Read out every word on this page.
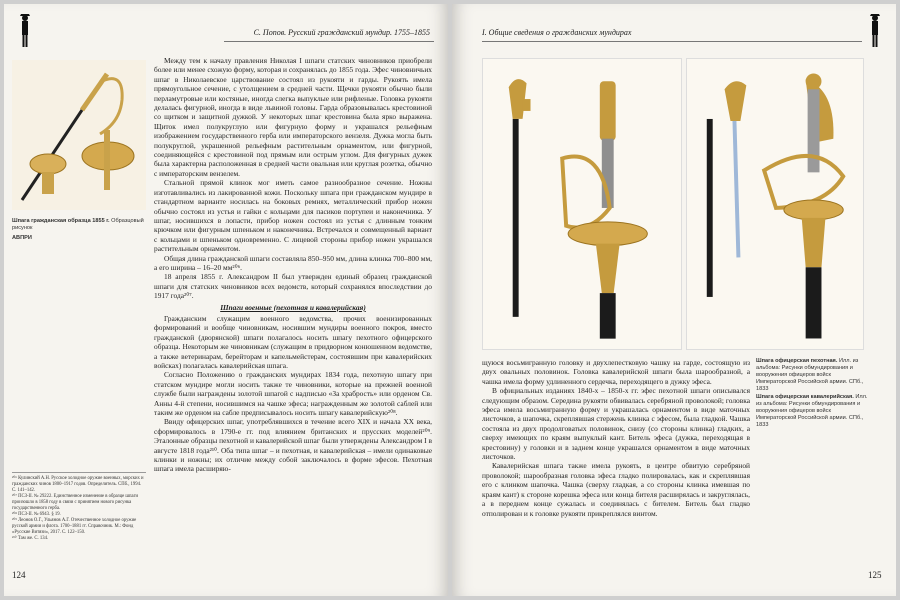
С. Попов. Русский гражданский мундир. 1755–1855
Шпага гражданская образца 1855 г. Образцовый рисунок
АВПРИ

Между тем к началу правления Николая I шпаги статских чиновников приобрели более или менее схожую форму, которая и сохранялась до 1855 года. Эфес чиновничьих шпаг в Николаевское царствование состоял из рукояти и гарды. Рукоять имела прямоугольное сечение, с утолщением в средней части. Щечки рукояти обычно были перламутровые или костяные, иногда слегка выпуклые или рифленые. Головка рукояти делалась фигурной, иногда в виде львиной головы. Гарда образовывалась крестовиной со щитком и защитной дужкой. У некоторых шпаг крестовина была ярко выражена. Щиток имел полукруглую или фигурную форму и украшался рельефным изображением государственного герба или императорского вензеля. Дужка могла быть полукруглой, украшенной рельефным растительным орнаментом, или фигурной, соединяющейся с крестовиной под прямым или острым углом. Для фигурных дужек была характерна расположенная в средней части овальная или круглая розетка, обычно с императорским вензелем.

Стальной прямой клинок мог иметь самое разнообразное сечение. Ножны изготавливались из лакированной кожи. Поскольку шпага при гражданском мундире в стандартном варианте носилась на боковых ремнях, металлический прибор ножен обычно состоял из устья и гайки с кольцами для пасиков портупеи и наконечника. У шпаг, носившихся в лопасти, прибор ножен состоял из устья с длинным тонким крючком или фигурным шпеньком и наконечника. Встречался и совмещенный вариант с кольцами и шпеньком одновременно. С лицевой стороны прибор ножен украшался растительным орнаментом.

Общая длина гражданской шпаги составляла 850–950 мм, длина клинка 700–800 мм, а его ширина – 16–20 мм²⁰⁶.

18 апреля 1855 г. Александром II был утвержден единый образец гражданской шпаги для статских чиновников всех ведомств, который сохранялся впоследствии до 1917 года²⁰⁷.

Шпаги военные (пехотная и кавалерийская)

Гражданским служащим военного ведомства, прочих военизированных формирований и вообще чиновникам, носившим мундиры военного покроя, вместо гражданской (дворянской) шпаги полагалось носить шпагу пехотного офицерского образца. Некоторым же чиновникам (служащим в придворном конюшенном ведомстве, а также ветеринарам, берейторам и капельмейстерам, состоявшим при кавалерийских войсках) полагалась кавалерийская шпага.

Согласно Положению о гражданских мундирах 1834 года, пехотную шпагу при статском мундире могли носить также те чиновники, которые на прежней военной службе были награждены золотой шпагой с надписью «За храбрость» или орденом Св. Анны 4-й степени, носившимся на чашке эфеса; награжденным же золотой саблей или таким же орденом на сабле предписывалось носить шпагу кавалерийскую²⁰⁸.

Ввиду офицерских шпаг, употреблявшихся в течение всего XIX и начала XX века, сформировалось в 1790-е гг. под влиянием британских и прусских моделей²⁰⁹. Эталонные образцы пехотной и кавалерийской шпаг были утверждены Александром I в августе 1818 года²¹⁰. Оба типа шпаг – и пехотная, и кавалерийская – имели одинаковые клинки и ножны; их отличие между собой заключалось в форме эфесов. Пехотная шпага имела расширяю-

²⁰⁶ Кулинский А.Н. Русское холодное оружие военных, морских и гражданских чинов 1800–1917 годов. Определитель. СПб., 1994. С. 141–142.
²⁰⁷ ПСЗ-II. № 29222. Единственное изменение в образце шпаги произошло в 1858 году в связи с принятием нового рисунка государственного герба.
²⁰⁸ ПСЗ-II. № 6943. § 19.
²⁰⁹ Леонов О.Г., Ульянов А.Г. Отечественное холодное оружие русской армии и флота. 1700–1881 гг. Справочник. М.: Фонд «Русские Витязи», 2017. С. 122–150.
²¹⁰ Там же. С. 134.
124
I. Общие сведения о гражданских мундирах

щуюся восьмигранную головку и двухлепестковую чашку на гарде, состоящую из двух овальных половинок. Головка кавалерийской шпаги была шарообразной, а чашка имела форму удлиненного сердечка, переходящего в дужку эфеса.

В официальных изданиях 1840-х – 1850-х гг. эфес пехотной шпаги описывался следующим образом. Середина рукояти обвивалась серебряной проволокой; головка эфеса имела восьмигранную форму и украшалась орнаментом в виде маточных листочков, а шапочка, скреплявшая стержень клинка с эфесом, была гладкой. Чашка состояла из двух продолговатых половинок, снизу (со стороны клинка) гладких, а сверху имеющих по краям выпуклый кант. Битель эфеса (дужка, переходящая в крестовину) у головки и в заднем конце украшался орнаментом в виде маточных листочков.

Кавалерийская шпага также имела рукоять, в центре обвитую серебряной проволокой; шарообразная головка эфеса гладко полировалась, как и скреплявшая его с клинком шапочка. Чашка (сверху гладкая, а со стороны клинка имевшая по краям кант) к стороне корешка эфеса или конца бителя расширялась и закруглялась, а в переднем конце сужалась и соединялась с бителем. Битель был гладко отполирован и к головке рукояти прикреплялся винтом.

Шпага офицерская пехотная. Илл. из альбома: Рисунки обмундирования и вооружения офицеров войск Императорской Российской армии. СПб., 1833
Шпага офицерская кавалерийская. Илл. из альбома: Рисунки обмундирования и вооружения офицеров войск Императорской Российской армии. СПб., 1833
125
